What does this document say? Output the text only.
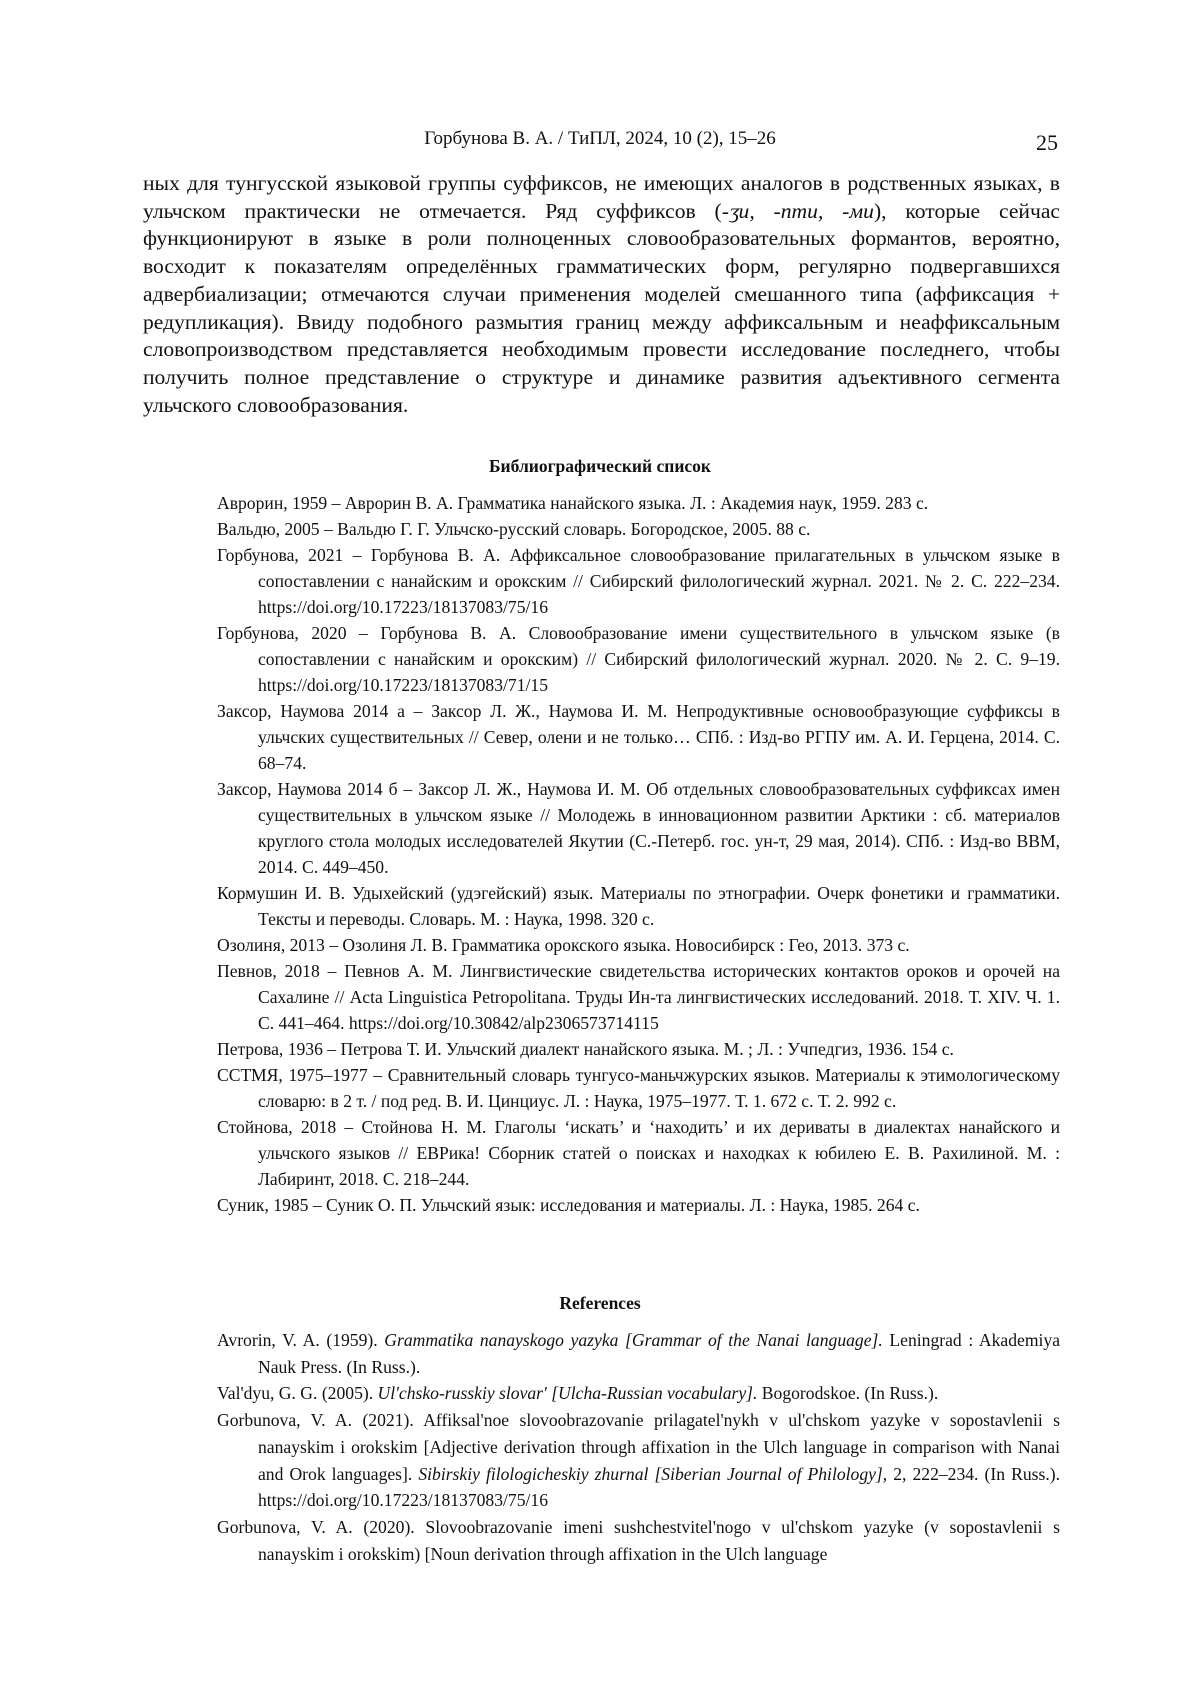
Горбунова В. А. / ТиПЛ, 2024, 10 (2), 15–26	25
ных для тунгусской языковой группы суффиксов, не имеющих аналогов в родственных языках, в ульчском практически не отмечается. Ряд суффиксов (-ӡи, -пти, -ми), которые сейчас функционируют в языке в роли полноценных словообразовательных формантов, вероятно, восходит к показателям определённых грамматических форм, регулярно подвергавшихся адвербиализации; отмечаются случаи применения моделей смешанного типа (аффиксация + редупликация). Ввиду подобного размытия границ между аффиксальным и неаффиксальным словопроизводством представляется необходимым провести исследование последнего, чтобы получить полное представление о структуре и динамике развития адъективного сегмента ульчского словообразования.
Библиографический список

Аврорин, 1959 – Аврорин В. А. Грамматика нанайского языка. Л. : Академия наук, 1959. 283 с.

Вальдю, 2005 – Вальдю Г. Г. Ульчско-русский словарь. Богородское, 2005. 88 с.

Горбунова, 2021 – Горбунова В. А. Аффиксальное словообразование прилагательных в ульчском языке в сопоставлении с нанайским и орокским // Сибирский филологический журнал. 2021. № 2. С. 222–234. https://doi.org/10.17223/18137083/75/16

Горбунова, 2020 – Горбунова В. А. Словообразование имени существительного в ульчском языке (в сопоставлении с нанайским и орокским) // Сибирский филологический журнал. 2020. № 2. С. 9–19. https://doi.org/10.17223/18137083/71/15

Заксор, Наумова 2014 а – Заксор Л. Ж., Наумова И. М. Непродуктивные основообразующие суффиксы в ульчских существительных // Север, олени и не только… СПб. : Изд-во РГПУ им. А. И. Герцена, 2014. С. 68–74.

Заксор, Наумова 2014 б – Заксор Л. Ж., Наумова И. М. Об отдельных словообразовательных суффиксах имен существительных в ульчском языке // Молодежь в инновационном развитии Арктики : сб. материалов круглого стола молодых исследователей Якутии (С.-Петерб. гос. ун-т, 29 мая, 2014). СПб. : Изд-во ВВМ, 2014. С. 449–450.

Кормушин И. В. Удыхейский (удэгейский) язык. Материалы по этнографии. Очерк фонетики и грамматики. Тексты и переводы. Словарь. М. : Наука, 1998. 320 с.

Озолиня, 2013 – Озолиня Л. В. Грамматика орокского языка. Новосибирск : Гео, 2013. 373 с.

Певнов, 2018 – Певнов А. М. Лингвистические свидетельства исторических контактов ороков и орочей на Сахалине // Acta Linguistica Petropolitana. Труды Ин-та лингвистических исследований. 2018. Т. XIV. Ч. 1. С. 441–464. https://doi.org/10.30842/alp2306573714115

Петрова, 1936 – Петрова Т. И. Ульчский диалект нанайского языка. М. ; Л. : Учпедгиз, 1936. 154 с.

ССТМЯ, 1975–1977 – Сравнительный словарь тунгусо-маньчжурских языков. Материалы к этимологическому словарю: в 2 т. / под ред. В. И. Цинциус. Л. : Наука, 1975–1977. Т. 1. 672 с. Т. 2. 992 с.

Стойнова, 2018 – Стойнова Н. М. Глаголы ‘искать’ и ‘находить’ и их дериваты в диалектах нанайского и ульчского языков // ЕВРика! Сборник статей о поисках и находках к юбилею Е. В. Рахилиной. М. : Лабиринт, 2018. С. 218–244.

Суник, 1985 – Суник О. П. Ульчский язык: исследования и материалы. Л. : Наука, 1985. 264 с.

References

Avrorin, V. A. (1959). Grammatika nanayskogo yazyka [Grammar of the Nanai language]. Leningrad : Akademiya Nauk Press. (In Russ.).

Val'dyu, G. G. (2005). Ul'chsko-russkiy slovar' [Ulcha-Russian vocabulary]. Bogorodskoe. (In Russ.).

Gorbunova, V. A. (2021). Affiksal'noe slovoobrazovanie prilagatel'nykh v ul'chskom yazyke v sopostavlenii s nanayskim i orokskim [Adjective derivation through affixation in the Ulch language in comparison with Nanai and Orok languages]. Sibirskiy filologicheskiy zhurnal [Siberian Journal of Philology], 2, 222–234. (In Russ.). https://doi.org/10.17223/18137083/75/16

Gorbunova, V. A. (2020). Slovoobrazovanie imeni sushchestvitel'nogo v ul'chskom yazyke (v sopostavlenii s nanayskim i orokskim) [Noun derivation through affixation in the Ulch language
